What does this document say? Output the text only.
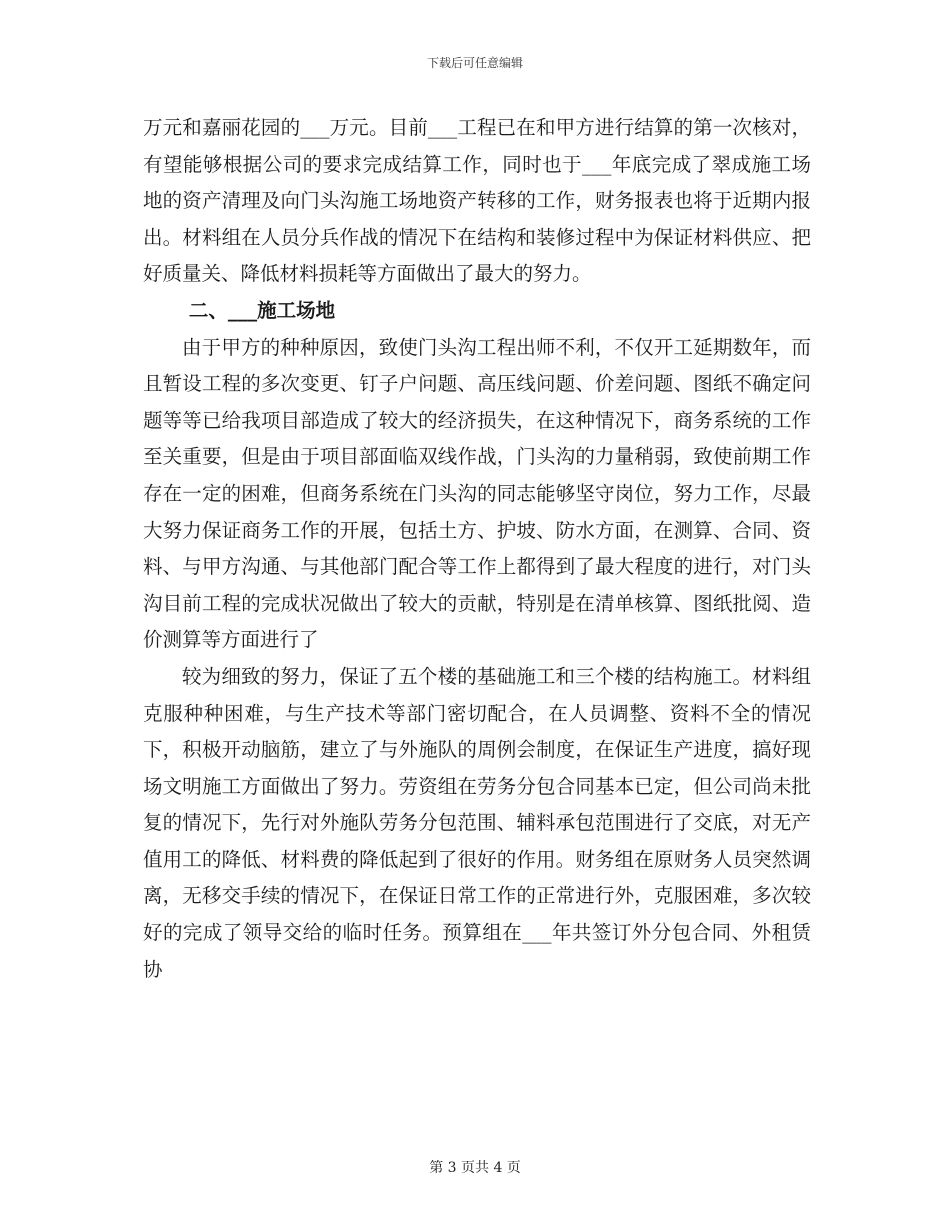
下载后可任意编辑

万元和嘉丽花园的___万元。目前___工程已在和甲方进行结算的第一次核对，有望能够根据公司的要求完成结算工作，同时也于___年底完成了翠成施工场地的资产清理及向门头沟施工场地资产转移的工作，财务报表也将于近期内报出。材料组在人员分兵作战的情况下在结构和装修过程中为保证材料供应、把好质量关、降低材料损耗等方面做出了最大的努力。

二、___施工场地

由于甲方的种种原因，致使门头沟工程出师不利，不仅开工延期数年，而且暂设工程的多次变更、钉子户问题、高压线问题、价差问题、图纸不确定问题等等已给我项目部造成了较大的经济损失，在这种情况下，商务系统的工作至关重要，但是由于项目部面临双线作战，门头沟的力量稍弱，致使前期工作存在一定的困难，但商务系统在门头沟的同志能够坚守岗位，努力工作，尽最大努力保证商务工作的开展，包括土方、护坡、防水方面，在测算、合同、资料、与甲方沟通、与其他部门配合等工作上都得到了最大程度的进行，对门头沟目前工程的完成状况做出了较大的贡献，特别是在清单核算、图纸批阅、造价测算等方面进行了

较为细致的努力，保证了五个楼的基础施工和三个楼的结构施工。材料组克服种种困难，与生产技术等部门密切配合，在人员调整、资料不全的情况下，积极开动脑筋，建立了与外施队的周例会制度，在保证生产进度，搞好现场文明施工方面做出了努力。劳资组在劳务分包合同基本已定，但公司尚未批复的情况下，先行对外施队劳务分包范围、辅料承包范围进行了交底，对无产值用工的降低、材料费的降低起到了很好的作用。财务组在原财务人员突然调离，无移交手续的情况下，在保证日常工作的正常进行外，克服困难，多次较好的完成了领导交给的临时任务。预算组在___年共签订外分包合同、外租赁协

第 3 页共 4 页
